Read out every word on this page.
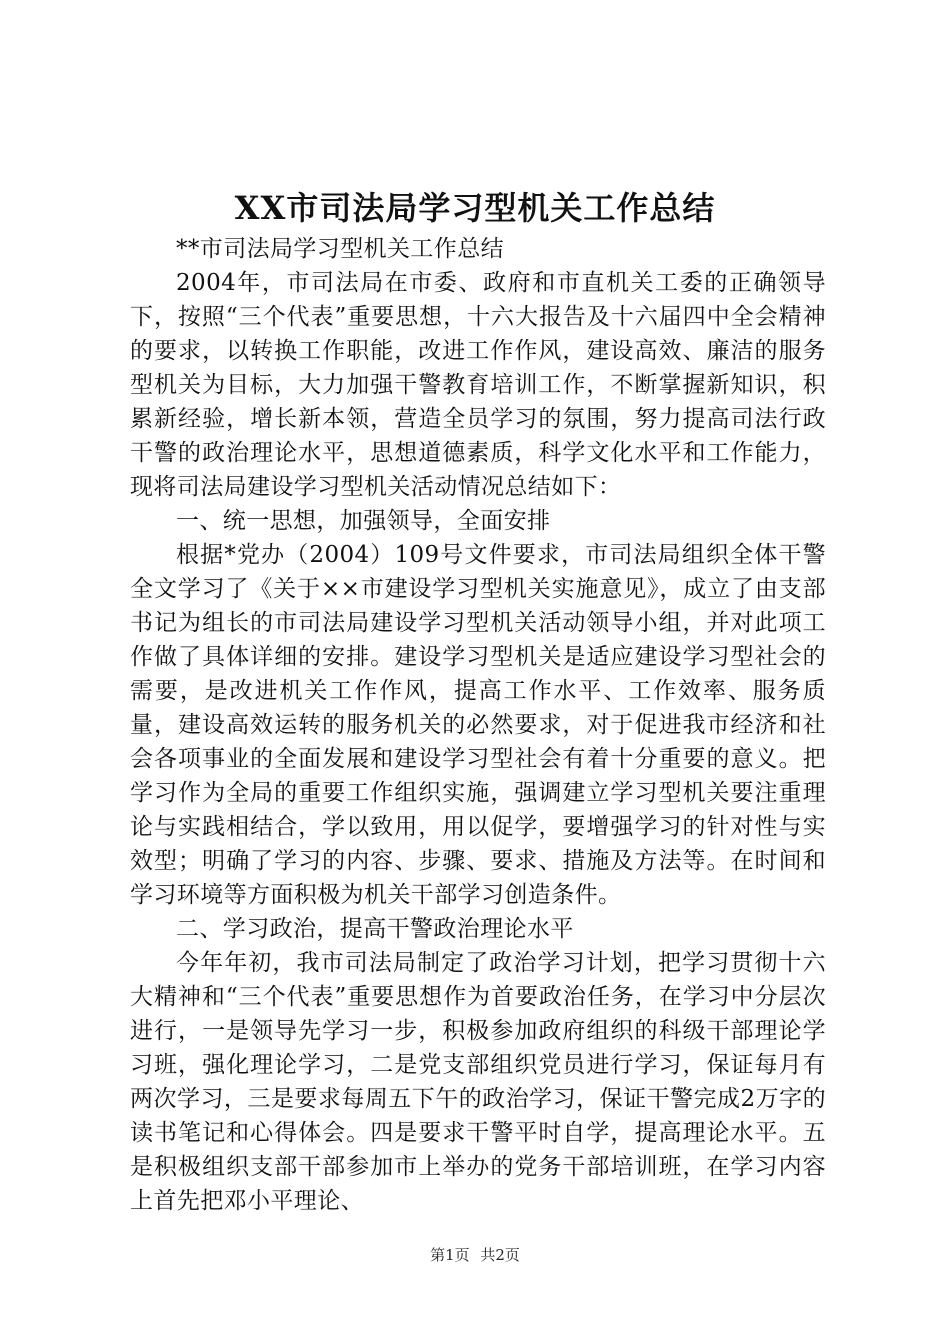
XX市司法局学习型机关工作总结

**市司法局学习型机关工作总结

2004年，市司法局在市委、政府和市直机关工委的正确领导下，按照“三个代表”重要思想，十六大报告及十六届四中全会精神的要求，以转换工作职能，改进工作作风，建设高效、廉洁的服务型机关为目标，大力加强干警教育培训工作，不断掌握新知识，积累新经验，增长新本领，营造全员学习的氛围，努力提高司法行政干警的政治理论水平，思想道德素质，科学文化水平和工作能力，现将司法局建设学习型机关活动情况总结如下：

一、统一思想，加强领导，全面安排

根据*党办（2004）109号文件要求，市司法局组织全体干警全文学习了《关于××市建设学习型机关实施意见》，成立了由支部书记为组长的市司法局建设学习型机关活动领导小组，并对此项工作做了具体详细的安排。建设学习型机关是适应建设学习型社会的需要，是改进机关工作作风，提高工作水平、工作效率、服务质量，建设高效运转的服务机关的必然要求，对于促进我市经济和社会各项事业的全面发展和建设学习型社会有着十分重要的意义。把学习作为全局的重要工作组织实施，强调建立学习型机关要注重理论与实践相结合，学以致用，用以促学，要增强学习的针对性与实效型；明确了学习的内容、步骤、要求、措施及方法等。在时间和学习环境等方面积极为机关干部学习创造条件。

二、学习政治，提高干警政治理论水平

今年年初，我市司法局制定了政治学习计划，把学习贯彻十六大精神和“三个代表”重要思想作为首要政治任务，在学习中分层次进行，一是领导先学习一步，积极参加政府组织的科级干部理论学习班，强化理论学习，二是党支部组织党员进行学习，保证每月有两次学习，三是要求每周五下午的政治学习，保证干警完成2万字的读书笔记和心得体会。四是要求干警平时自学，提高理论水平。五是积极组织支部干部参加市上举办的党务干部培训班，在学习内容上首先把邓小平理论、

第1页 共2页
